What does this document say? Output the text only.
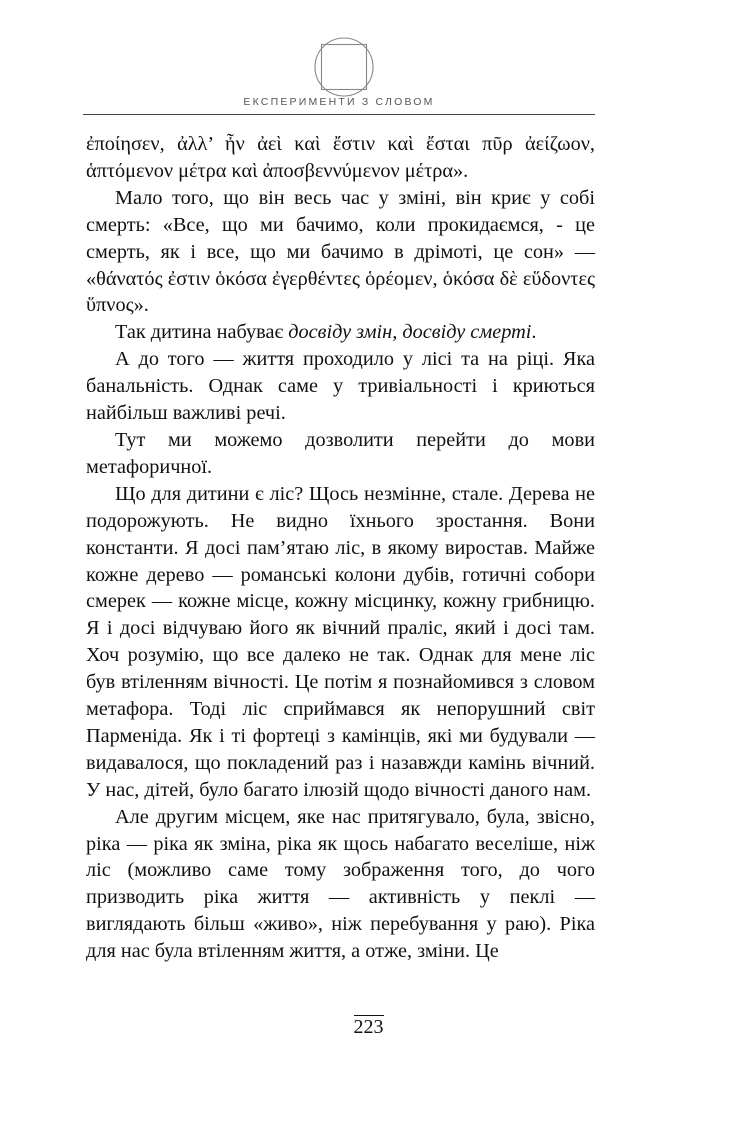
ЕКСПЕРИМЕНТИ З СЛОВОМ

ἐποίησεν, ἀλλ’ ἦν ἀεὶ καὶ ἔστιν καὶ ἔσται πῦρ ἀείζωον, ἁπτόμενον μέτρα καὶ ἀποσβεννύμενον μέτρα».

Мало того, що він весь час у зміні, він криє у собі смерть: «Все, що ми бачимо, коли прокидаємся, - це смерть, як і все, що ми бачимо в дрімоті, це сон» — «θάνατός ἐστιν ὁκόσα ἐγερθέντες ὁρέομεν, ὁκόσα δὲ εὕδοντες ὕπνος».

Так дитина набуває досвіду змін, досвіду смерті.

А до того — життя проходило у лісі та на ріці. Яка банальність. Однак саме у тривіальності і криються найбільш важливі речі.

Тут ми можемо дозволити перейти до мови метафоричної.

Що для дитини є ліс? Щось незмінне, стале. Дерева не подорожують. Не видно їхнього зростання. Вони константи. Я досі пам’ятаю ліс, в якому виростав. Майже кожне дерево — романські колони дубів, готичні собори смерек — кожне місце, кожну місцинку, кожну грибницю. Я і досі відчуваю його як вічний праліс, який і досі там. Хоч розумію, що все далеко не так. Однак для мене ліс був втіленням вічності. Це потім я познайомився з словом метафора. Тоді ліс сприймався як непорушний світ Парменіда. Як і ті фортеці з камінців, які ми будували — видавалося, що покладений раз і назавжди камінь вічний. У нас, дітей, було багато ілюзій щодо вічності даного нам.

Але другим місцем, яке нас притягувало, була, звісно, ріка — ріка як зміна, ріка як щось набагато веселіше, ніж ліс (можливо саме тому зображення того, до чого призводить ріка життя — активність у пеклі — виглядають більш «живо», ніж перебування у раю). Ріка для нас була втіленням життя, а отже, зміни. Це

223
